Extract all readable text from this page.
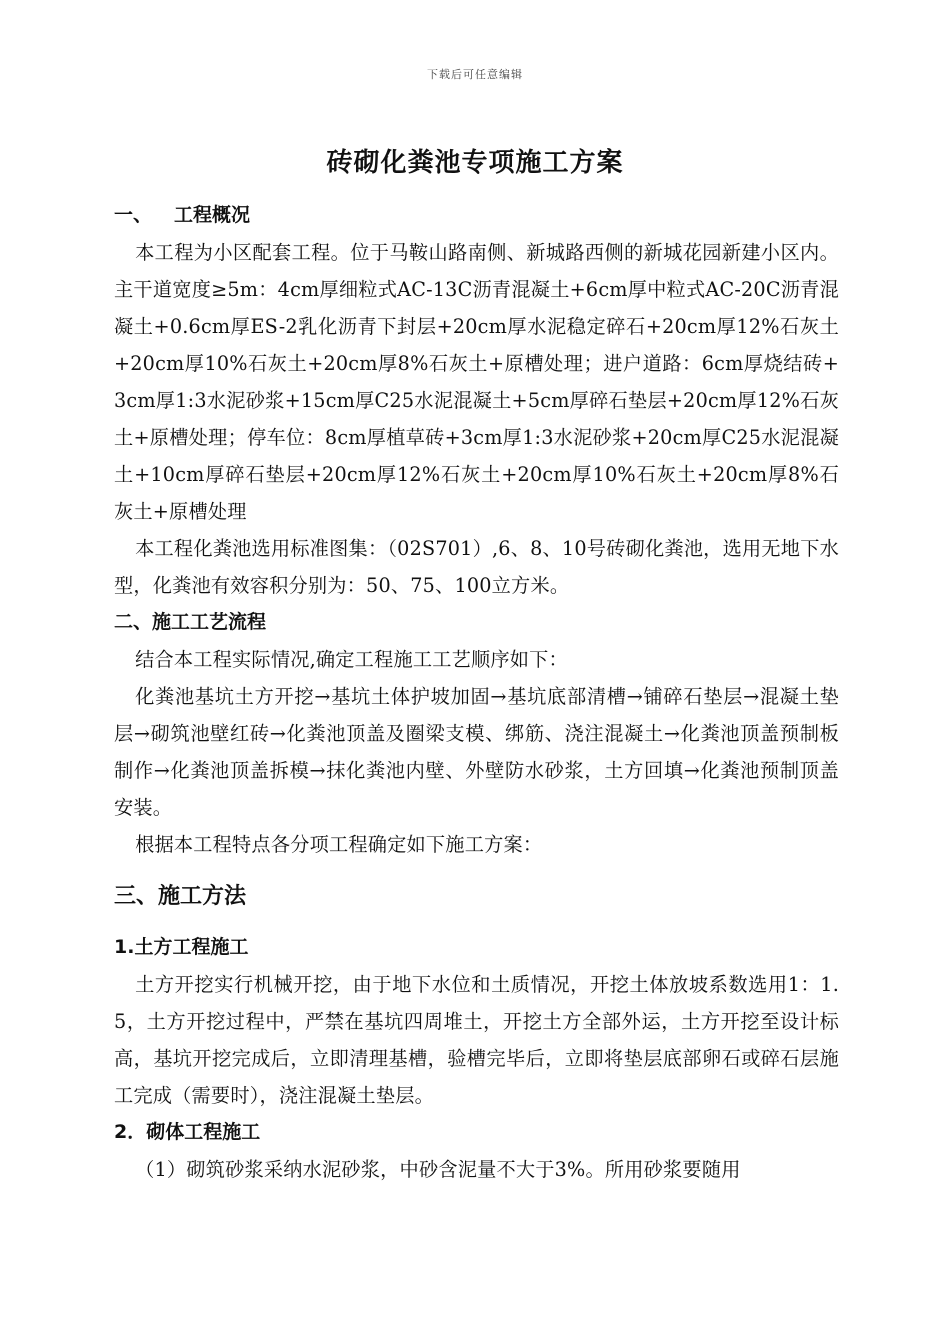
下载后可任意编辑
砖砌化粪池专项施工方案
一、 工程概况

本工程为小区配套工程。位于马鞍山路南侧、新城路西侧的新城花园新建小区内。主干道宽度≥5m：4cm厚细粒式AC-13C沥青混凝土+6cm厚中粒式AC-20C沥青混凝土+0.6cm厚ES-2乳化沥青下封层+20cm厚水泥稳定碎石+20cm厚12%石灰土+20cm厚10%石灰土+20cm厚8%石灰土+原槽处理；进户道路：6cm厚烧结砖+3cm厚1:3水泥砂浆+15cm厚C25水泥混凝土+5cm厚碎石垫层+20cm厚12%石灰土+原槽处理；停车位：8cm厚植草砖+3cm厚1:3水泥砂浆+20cm厚C25水泥混凝土+10cm厚碎石垫层+20cm厚12%石灰土+20cm厚10%石灰土+20cm厚8%石灰土+原槽处理

本工程化粪池选用标准图集：（02S701）,6、8、10号砖砌化粪池，选用无地下水型，化粪池有效容积分别为：50、75、100立方米。

二、施工工艺流程

结合本工程实际情况,确定工程施工工艺顺序如下：

化粪池基坑土方开挖→基坑土体护坡加固→基坑底部清槽→铺碎石垫层→混凝土垫层→砌筑池壁红砖→化粪池顶盖及圈梁支模、绑筋、浇注混凝土→化粪池顶盖预制板制作→化粪池顶盖拆模→抹化粪池内壁、外壁防水砂浆，土方回填→化粪池预制顶盖安装。

根据本工程特点各分项工程确定如下施工方案：

三、施工方法
1.土方工程施工

土方开挖实行机械开挖，由于地下水位和土质情况，开挖土体放坡系数选用1：1.5，土方开挖过程中，严禁在基坑四周堆土，开挖土方全部外运，土方开挖至设计标高，基坑开挖完成后，立即清理基槽，验槽完毕后，立即将垫层底部卵石或碎石层施工完成（需要时），浇注混凝土垫层。

2．砌体工程施工

（1）砌筑砂浆采纳水泥砂浆，中砂含泥量不大于3%。所用砂浆要随用
